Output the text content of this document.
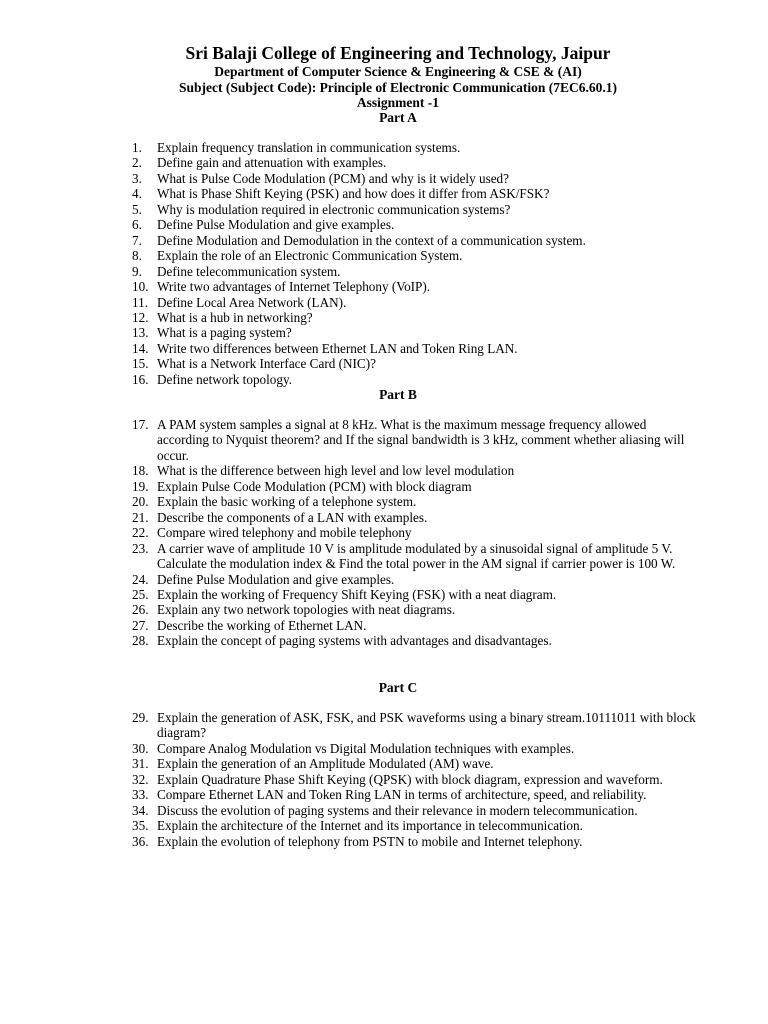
Sri Balaji College of Engineering and Technology, Jaipur
Department of Computer Science & Engineering & CSE & (AI)
Subject (Subject Code): Principle of Electronic Communication (7EC6.60.1)
Assignment -1
Part A
1. Explain frequency translation in communication systems.
2. Define gain and attenuation with examples.
3. What is Pulse Code Modulation (PCM) and why is it widely used?
4. What is Phase Shift Keying (PSK) and how does it differ from ASK/FSK?
5. Why is modulation required in electronic communication systems?
6. Define Pulse Modulation and give examples.
7. Define Modulation and Demodulation in the context of a communication system.
8. Explain the role of an Electronic Communication System.
9. Define telecommunication system.
10. Write two advantages of Internet Telephony (VoIP).
11. Define Local Area Network (LAN).
12. What is a hub in networking?
13. What is a paging system?
14. Write two differences between Ethernet LAN and Token Ring LAN.
15. What is a Network Interface Card (NIC)?
16. Define network topology.
Part B
17. A PAM system samples a signal at 8 kHz. What is the maximum message frequency allowed according to Nyquist theorem? and If the signal bandwidth is 3 kHz, comment whether aliasing will occur.
18. What is the difference between high level and low level modulation
19. Explain Pulse Code Modulation (PCM) with block diagram
20. Explain the basic working of a telephone system.
21. Describe the components of a LAN with examples.
22. Compare wired telephony and mobile telephony
23. A carrier wave of amplitude 10 V is amplitude modulated by a sinusoidal signal of amplitude 5 V. Calculate the modulation index & Find the total power in the AM signal if carrier power is 100 W.
24. Define Pulse Modulation and give examples.
25. Explain the working of Frequency Shift Keying (FSK) with a neat diagram.
26. Explain any two network topologies with neat diagrams.
27. Describe the working of Ethernet LAN.
28. Explain the concept of paging systems with advantages and disadvantages.
Part C
29. Explain the generation of ASK, FSK, and PSK waveforms using a binary stream.10111011 with block diagram?
30. Compare Analog Modulation vs Digital Modulation techniques with examples.
31. Explain the generation of an Amplitude Modulated (AM) wave.
32. Explain Quadrature Phase Shift Keying (QPSK) with block diagram, expression and waveform.
33. Compare Ethernet LAN and Token Ring LAN in terms of architecture, speed, and reliability.
34. Discuss the evolution of paging systems and their relevance in modern telecommunication.
35. Explain the architecture of the Internet and its importance in telecommunication.
36. Explain the evolution of telephony from PSTN to mobile and Internet telephony.
